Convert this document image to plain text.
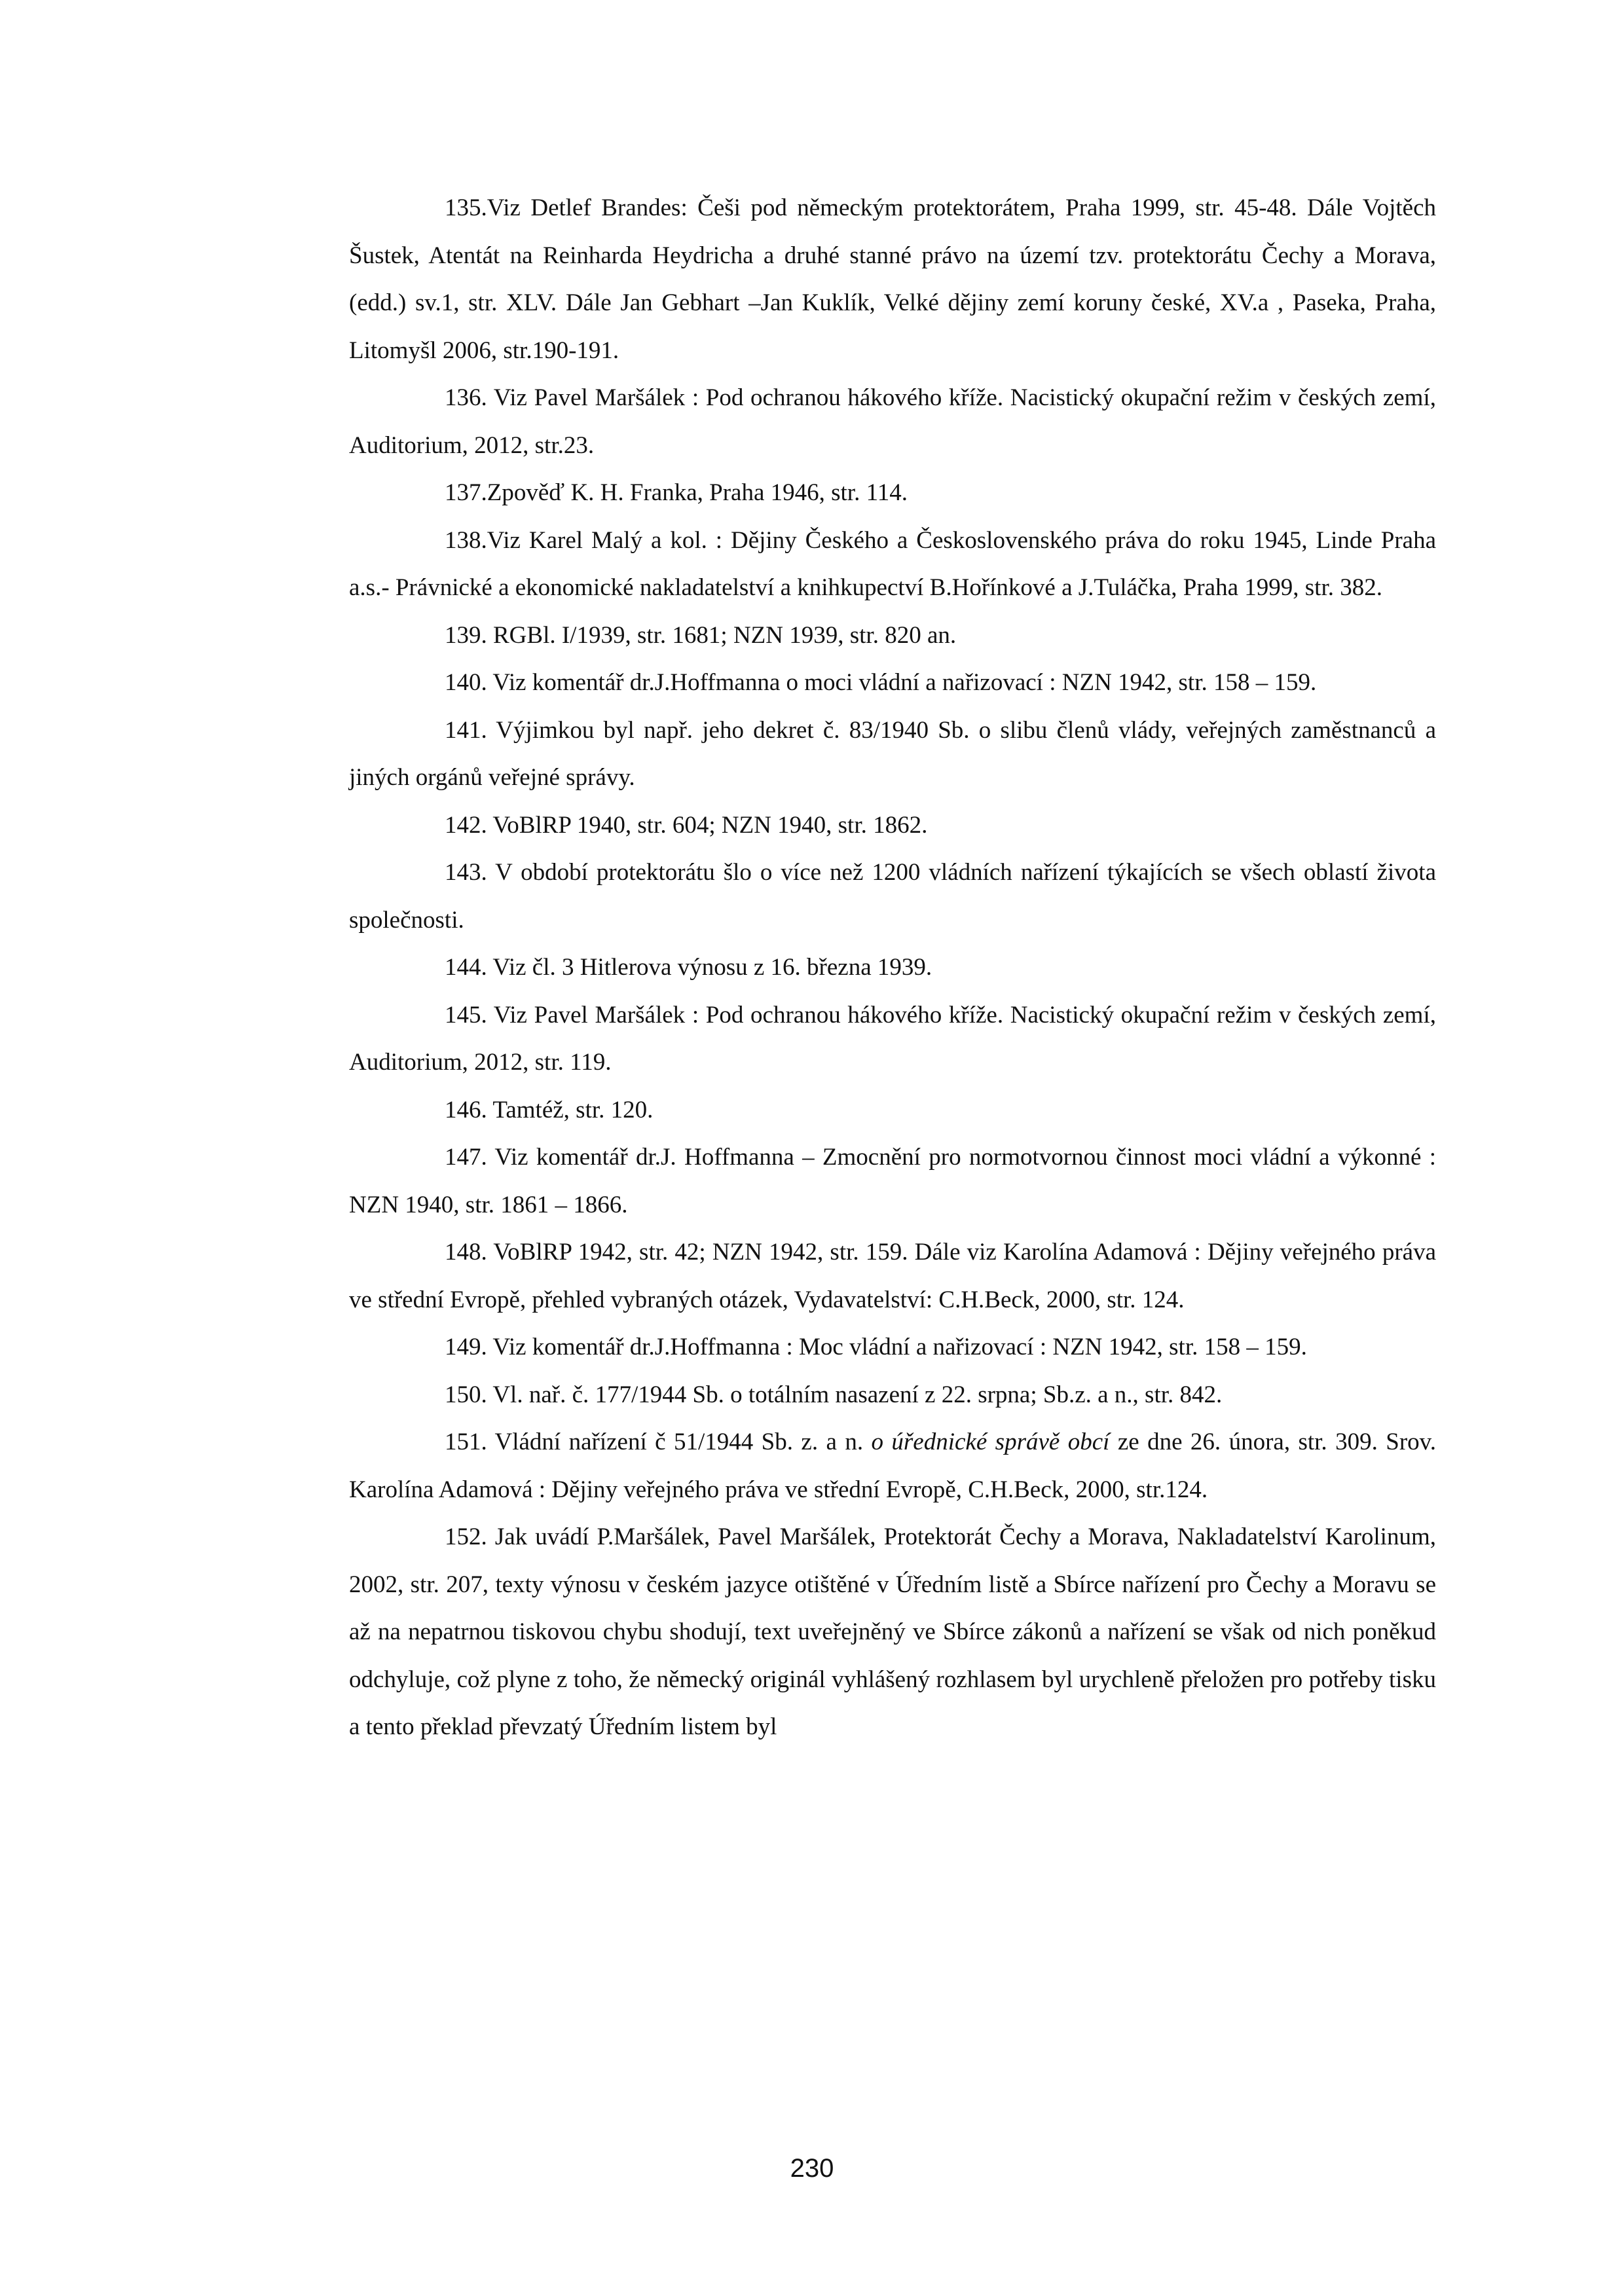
135.Viz Detlef Brandes: Češi pod německým protektorátem, Praha 1999, str. 45-48. Dále Vojtěch Šustek, Atentát na Reinharda Heydricha a druhé stanné právo na území tzv. protektorátu Čechy a Morava, (edd.) sv.1, str. XLV. Dále Jan Gebhart –Jan Kuklík, Velké dějiny zemí koruny české, XV.a , Paseka, Praha, Litomyšl 2006, str.190-191.

136. Viz Pavel Maršálek : Pod ochranou hákového kříže. Nacistický okupační režim v českých zemí, Auditorium, 2012, str.23.

137.Zpověď K. H. Franka, Praha 1946, str. 114.

138.Viz Karel Malý a kol. : Dějiny Českého a Československého práva do roku 1945, Linde Praha a.s.- Právnické a ekonomické nakladatelství a knihkupectví B.Hořínkové a J.Tuláčka, Praha 1999, str. 382.

139. RGBl. I/1939, str. 1681; NZN 1939, str. 820 an.

140. Viz komentář dr.J.Hoffmanna o moci vládní a nařizovací : NZN 1942, str. 158 – 159.

141. Výjimkou byl např. jeho dekret č. 83/1940 Sb. o slibu členů vlády, veřejných zaměstnanců a jiných orgánů veřejné správy.

142. VoBlRP 1940, str. 604; NZN 1940, str. 1862.

143. V období protektorátu šlo o více než 1200 vládních nařízení týkajících se všech oblastí života společnosti.

144. Viz čl. 3 Hitlerova výnosu z 16. března 1939.

145. Viz Pavel Maršálek : Pod ochranou hákového kříže. Nacistický okupační režim v českých zemí, Auditorium, 2012, str. 119.

146. Tamtéž, str. 120.

147. Viz komentář dr.J. Hoffmanna – Zmocnění pro normotvornou činnost moci vládní a výkonné : NZN 1940, str. 1861 – 1866.

148. VoBlRP 1942, str. 42; NZN 1942, str. 159. Dále viz Karolína Adamová : Dějiny veřejného práva ve střední Evropě, přehled vybraných otázek, Vydavatelství: C.H.Beck, 2000, str. 124.

149. Viz komentář dr.J.Hoffmanna : Moc vládní a nařizovací : NZN 1942, str. 158 – 159.

150. Vl. nař. č. 177/1944 Sb. o totálním nasazení z 22. srpna; Sb.z. a n., str. 842.

151. Vládní nařízení č 51/1944 Sb. z. a n. o úřednické správě obcí ze dne 26. února, str. 309. Srov. Karolína Adamová : Dějiny veřejného práva ve střední Evropě, C.H.Beck, 2000, str.124.

152. Jak uvádí P.Maršálek, Pavel Maršálek, Protektorát Čechy a Morava, Nakladatelství Karolinum, 2002, str. 207, texty výnosu v českém jazyce otištěné v Úředním listě a Sbírce nařízení pro Čechy a Moravu se až na nepatrnou tiskovou chybu shodují, text uveřejněný ve Sbírce zákonů a nařízení se však od nich poněkud odchyluje, což plyne z toho, že německý originál vyhlášený rozhlasem byl urychleně přeložen pro potřeby tisku a tento překlad převzatý Úředním listem byl

230
